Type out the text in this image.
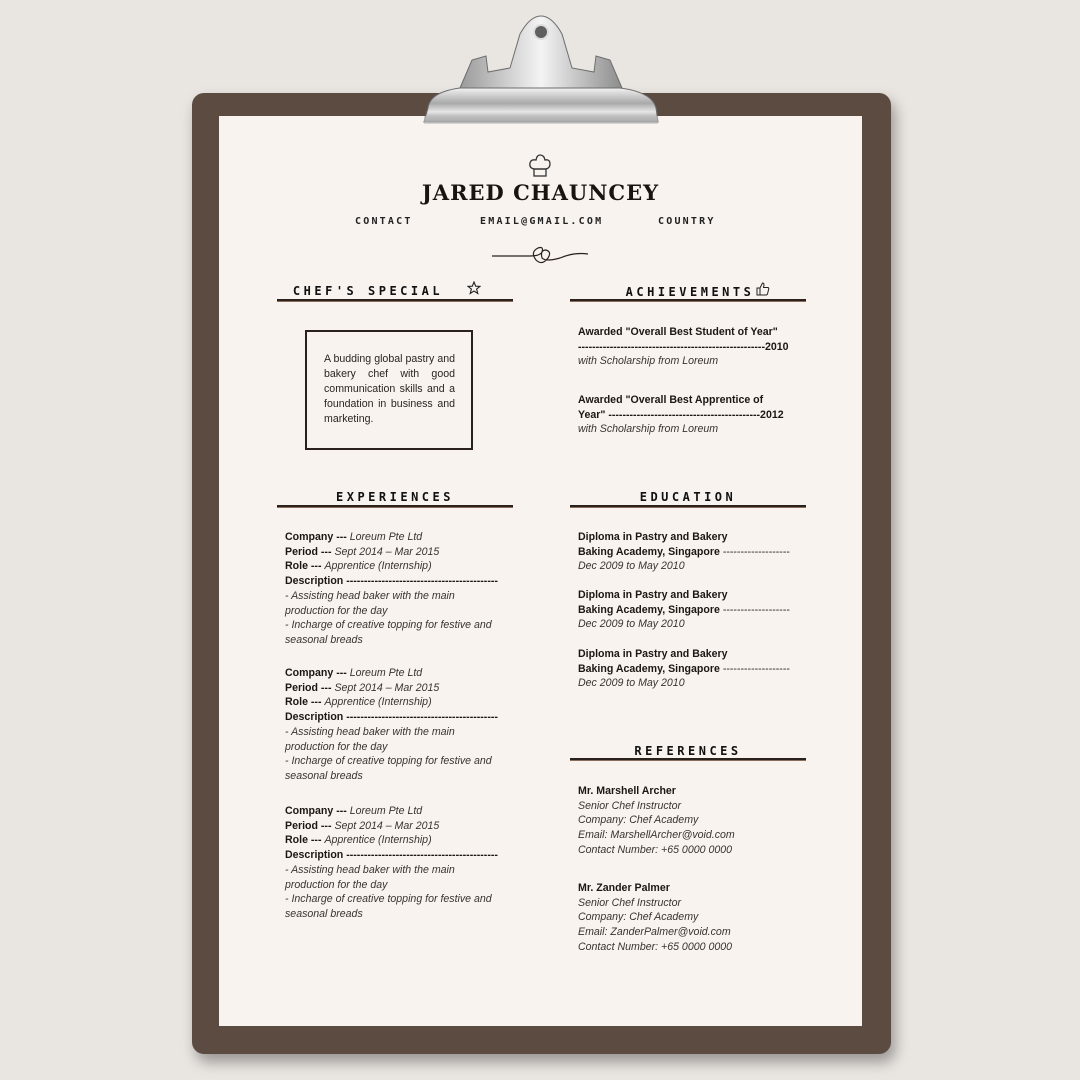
JARED CHAUNCEY
CONTACT	EMAIL@GMAIL.COM	COUNTRY
CHEF'S SPECIAL
A budding global pastry and bakery chef with good communication skills and a foundation in business and marketing.
ACHIEVEMENTS
Awarded "Overall Best Student of Year"
-----------------------------------------------------2010
with Scholarship from Loreum
Awarded "Overall Best Apprentice of
Year" -------------------------------------------2012
with Scholarship from Loreum
EXPERIENCES
Company --- Loreum Pte Ltd
Period --- Sept 2014 – Mar 2015
Role --- Apprentice (Internship)
Description -------------------------------------------
- Assisting head baker with the main
production for the day
- Incharge of creative topping for festive and
seasonal breads
Company --- Loreum Pte Ltd
Period --- Sept 2014 – Mar 2015
Role --- Apprentice (Internship)
Description -------------------------------------------
- Assisting head baker with the main
production for the day
- Incharge of creative topping for festive and
seasonal breads
Company --- Loreum Pte Ltd
Period --- Sept 2014 – Mar 2015
Role --- Apprentice (Internship)
Description -------------------------------------------
- Assisting head baker with the main
production for the day
- Incharge of creative topping for festive and
seasonal breads
EDUCATION
Diploma in Pastry and Bakery
Baking Academy, Singapore -------------------
Dec 2009 to May 2010
Diploma in Pastry and Bakery
Baking Academy, Singapore -------------------
Dec 2009 to May 2010
Diploma in Pastry and Bakery
Baking Academy, Singapore -------------------
Dec 2009 to May 2010
REFERENCES
Mr. Marshell Archer
Senior Chef Instructor
Company: Chef Academy
Email: MarshellArcher@void.com
Contact Number: +65 0000 0000
Mr. Zander Palmer
Senior Chef Instructor
Company: Chef Academy
Email: ZanderPalmer@void.com
Contact Number: +65 0000 0000
